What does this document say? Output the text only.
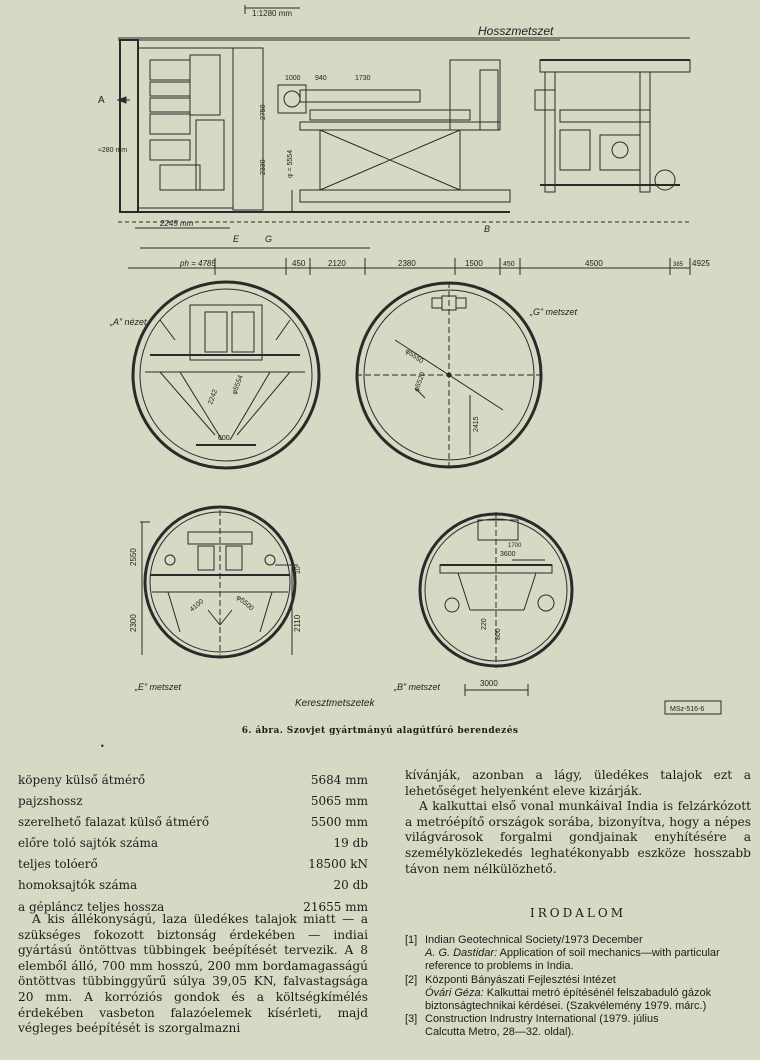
1:1280 mm
Hosszmetszet
A
≈280 mm
1000 940	1730
2750
2330	φ = 5554
2245 mm
E	G
B
ph = 4785	450	2120	2380	1500	450	4500	385 4925
„A” nézet
2242
φ5554
600
„G” metszet
φ5550
φ5520
2415
2550
2300	2110
10
4100	φ5500
„E” metszet
1700
3600
220
800
„B” metszet	3000
Keresztmetszetek
MSz-516-6
6. ábra. Szovjet gyártmányú alagútfúró berendezés
•
köpeny külső átmérő	5684 mm
pajzshossz	5065 mm
szerelhető falazat külső átmérő	5500 mm
előre toló sajtók száma	19 db
teljes tolóerő	18500 kN
homoksajtók száma	20 db
a gépláncz teljes hossza	21655 mm
A kis állékonyságú, laza üledékes talajok miatt — a szükséges fokozott biztonság érdekében — indiai gyártású öntöttvas tübbingek beépítését tervezik. A 8 elemből álló, 700 mm hosszú, 200 mm bordamagasságú öntöttvas tübbinggyűrű súlya 39,05 KN, falvastagsága 20 mm. A korróziós gondok és a költségkímélés érdekében vasbeton falazóelemek kísérleti, majd végleges beépítését is szorgalmazni

kívánják, azonban a lágy, üledékes talajok ezt a lehetőséget helyenként eleve kizárják.

A kalkuttai első vonal munkáival India is felzárkózott a metróépítő országok sorába, bizonyítva, hogy a népes világvárosok forgalmi gondjainak enyhítésére a személyközlekedés leghatékonyabb eszköze hosszabb távon nem nélkülözhető.

IRODALOM
[1] Indian Geotechnical Society/1973 December
A. G. Dastidar: Application of soil mechanics—with particular reference to problems in India.
[2] Központi Bányászati Fejlesztési Intézet
Óvári Géza: Kalkuttai metró építésénél felszabaduló gázok biztonságtechnikai kérdései. (Szakvélemény 1979. márc.)
[3] Construction Indrustry International (1979. július
Calcutta Metro, 28—32. oldal).
